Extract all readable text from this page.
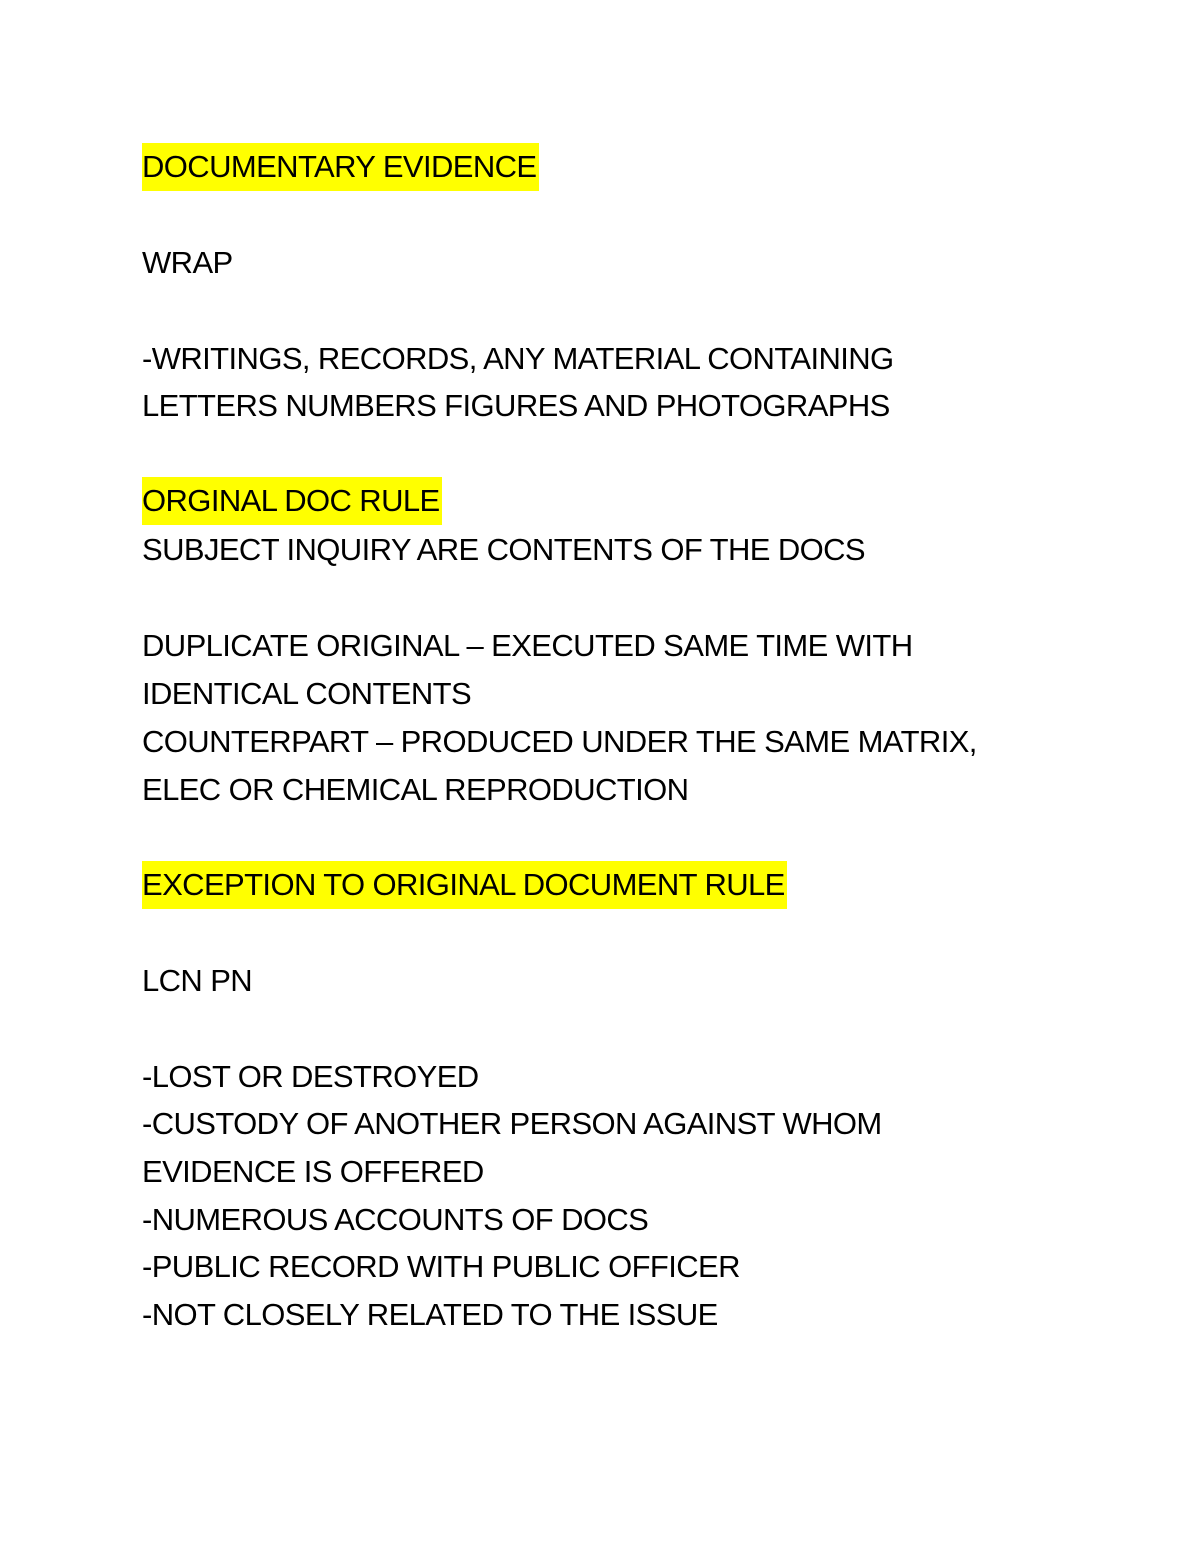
DOCUMENTARY EVIDENCE
WRAP
-WRITINGS, RECORDS, ANY MATERIAL CONTAINING
LETTERS NUMBERS FIGURES AND PHOTOGRAPHS
ORGINAL DOC RULE
SUBJECT INQUIRY ARE CONTENTS OF THE DOCS
DUPLICATE ORIGINAL – EXECUTED SAME TIME WITH
IDENTICAL CONTENTS
COUNTERPART – PRODUCED UNDER THE SAME MATRIX,
ELEC OR CHEMICAL REPRODUCTION
EXCEPTION TO ORIGINAL DOCUMENT RULE
LCN PN
-LOST OR DESTROYED
-CUSTODY OF ANOTHER PERSON AGAINST WHOM
EVIDENCE IS OFFERED
-NUMEROUS ACCOUNTS OF DOCS
-PUBLIC RECORD WITH PUBLIC OFFICER
-NOT CLOSELY RELATED TO THE ISSUE
